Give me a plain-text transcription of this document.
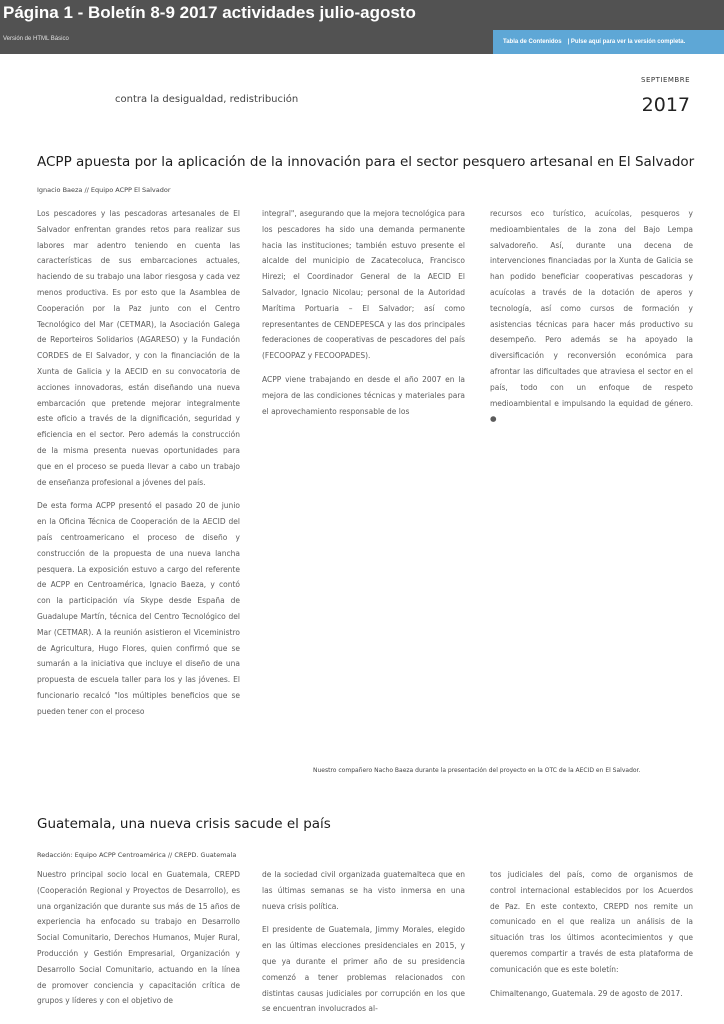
Página 1 - Boletín 8-9 2017 actividades julio-agosto
Versión de HTML Básico	Tabla de Contenidos | Pulse aquí para ver la versión completa.
contra la desigualdad, redistribución
SEPTIEMBRE
2017
ACPP apuesta por la aplicación de la innovación para el sector pesquero artesanal en El Salvador
Ignacio Baeza // Equipo ACPP El Salvador

Los pescadores y las pescadoras artesanales de El Salvador enfrentan grandes retos para realizar sus labores mar adentro teniendo en cuenta las características de sus embarcaciones actuales, haciendo de su trabajo una labor riesgosa y cada vez menos productiva. Es por esto que la Asamblea de Cooperación por la Paz junto con el Centro Tecnológico del Mar (CETMAR), la Asociación Galega de Reporteiros Solidarios (AGARESO) y la Fundación CORDES de El Salvador, y con la financiación de la Xunta de Galicia y la AECID en su convocatoria de acciones innovadoras, están diseñando una nueva embarcación que pretende mejorar integralmente este oficio a través de la dignificación, seguridad y eficiencia en el sector. Pero además la construcción de la misma presenta nuevas oportunidades para que en el proceso se pueda llevar a cabo un trabajo de enseñanza profesional a jóvenes del país.

De esta forma ACPP presentó el pasado 20 de junio en la Oficina Técnica de Cooperación de la AECID del país centroamericano el proceso de diseño y construcción de la propuesta de una nueva lancha pesquera. La exposición estuvo a cargo del referente de ACPP en Centroamérica, Ignacio Baeza, y contó con la participación vía Skype desde España de Guadalupe Martín, técnica del Centro Tecnológico del Mar (CETMAR). A la reunión asistieron el Viceministro de Agricultura, Hugo Flores, quien confirmó que se sumarán a la iniciativa que incluye el diseño de una propuesta de escuela taller para los y las jóvenes. El funcionario recalcó "los múltiples beneficios que se pueden tener con el proceso

integral", asegurando que la mejora tecnológica para los pescadores ha sido una demanda permanente hacia las instituciones; también estuvo presente el alcalde del municipio de Zacatecoluca, Francisco Hirezi; el Coordinador General de la AECID El Salvador, Ignacio Nicolau; personal de la Autoridad Marítima Portuaria – El Salvador; así como representantes de CENDEPESCA y las dos principales federaciones de cooperativas de pescadores del país (FECOOPAZ y FECOOPADES).

ACPP viene trabajando en desde el año 2007 en la mejora de las condiciones técnicas y materiales para el aprovechamiento responsable de los

recursos eco turístico, acuícolas, pesqueros y medioambientales de la zona del Bajo Lempa salvadoreño. Así, durante una decena de intervenciones financiadas por la Xunta de Galicia se han podido beneficiar cooperativas pescadoras y acuícolas a través de la dotación de aperos y tecnología, así como cursos de formación y asistencias técnicas para hacer más productivo su desempeño. Pero además se ha apoyado la diversificación y reconversión económica para afrontar las dificultades que atraviesa el sector en el país, todo con un enfoque de respeto medioambiental e impulsando la equidad de género. ●

Nuestro compañero Nacho Baeza durante la presentación del proyecto en la OTC de la AECID en El Salvador.
Guatemala, una nueva crisis sacude el país
Redacción: Equipo ACPP Centroamérica // CREPD. Guatemala

Nuestro principal socio local en Guatemala, CREPD (Cooperación Regional y Proyectos de Desarrollo), es una organización que durante sus más de 15 años de experiencia ha enfocado su trabajo en Desarrollo Social Comunitario, Derechos Humanos, Mujer Rural, Producción y Gestión Empresarial, Organización y Desarrollo Social Comunitario, actuando en la línea de promover conciencia y capacitación crítica de grupos y líderes y con el objetivo de

de la sociedad civil organizada guatemalteca que en las últimas semanas se ha visto inmersa en una nueva crisis política.

El presidente de Guatemala, Jimmy Morales, elegido en las últimas elecciones presidenciales en 2015, y que ya durante el primer año de su presidencia comenzó a tener problemas relacionados con distintas causas judiciales por corrupción en los que se encuentran involucrados al-

tos judiciales del país, como de organismos de control internacional establecidos por los Acuerdos de Paz. En este contexto, CREPD nos remite un comunicado en el que realiza un análisis de la situación tras los últimos acontecimientos y que queremos compartir a través de esta plataforma de comunicación que es este boletín:

Chimaltenango, Guatemala. 29 de agosto de 2017.
